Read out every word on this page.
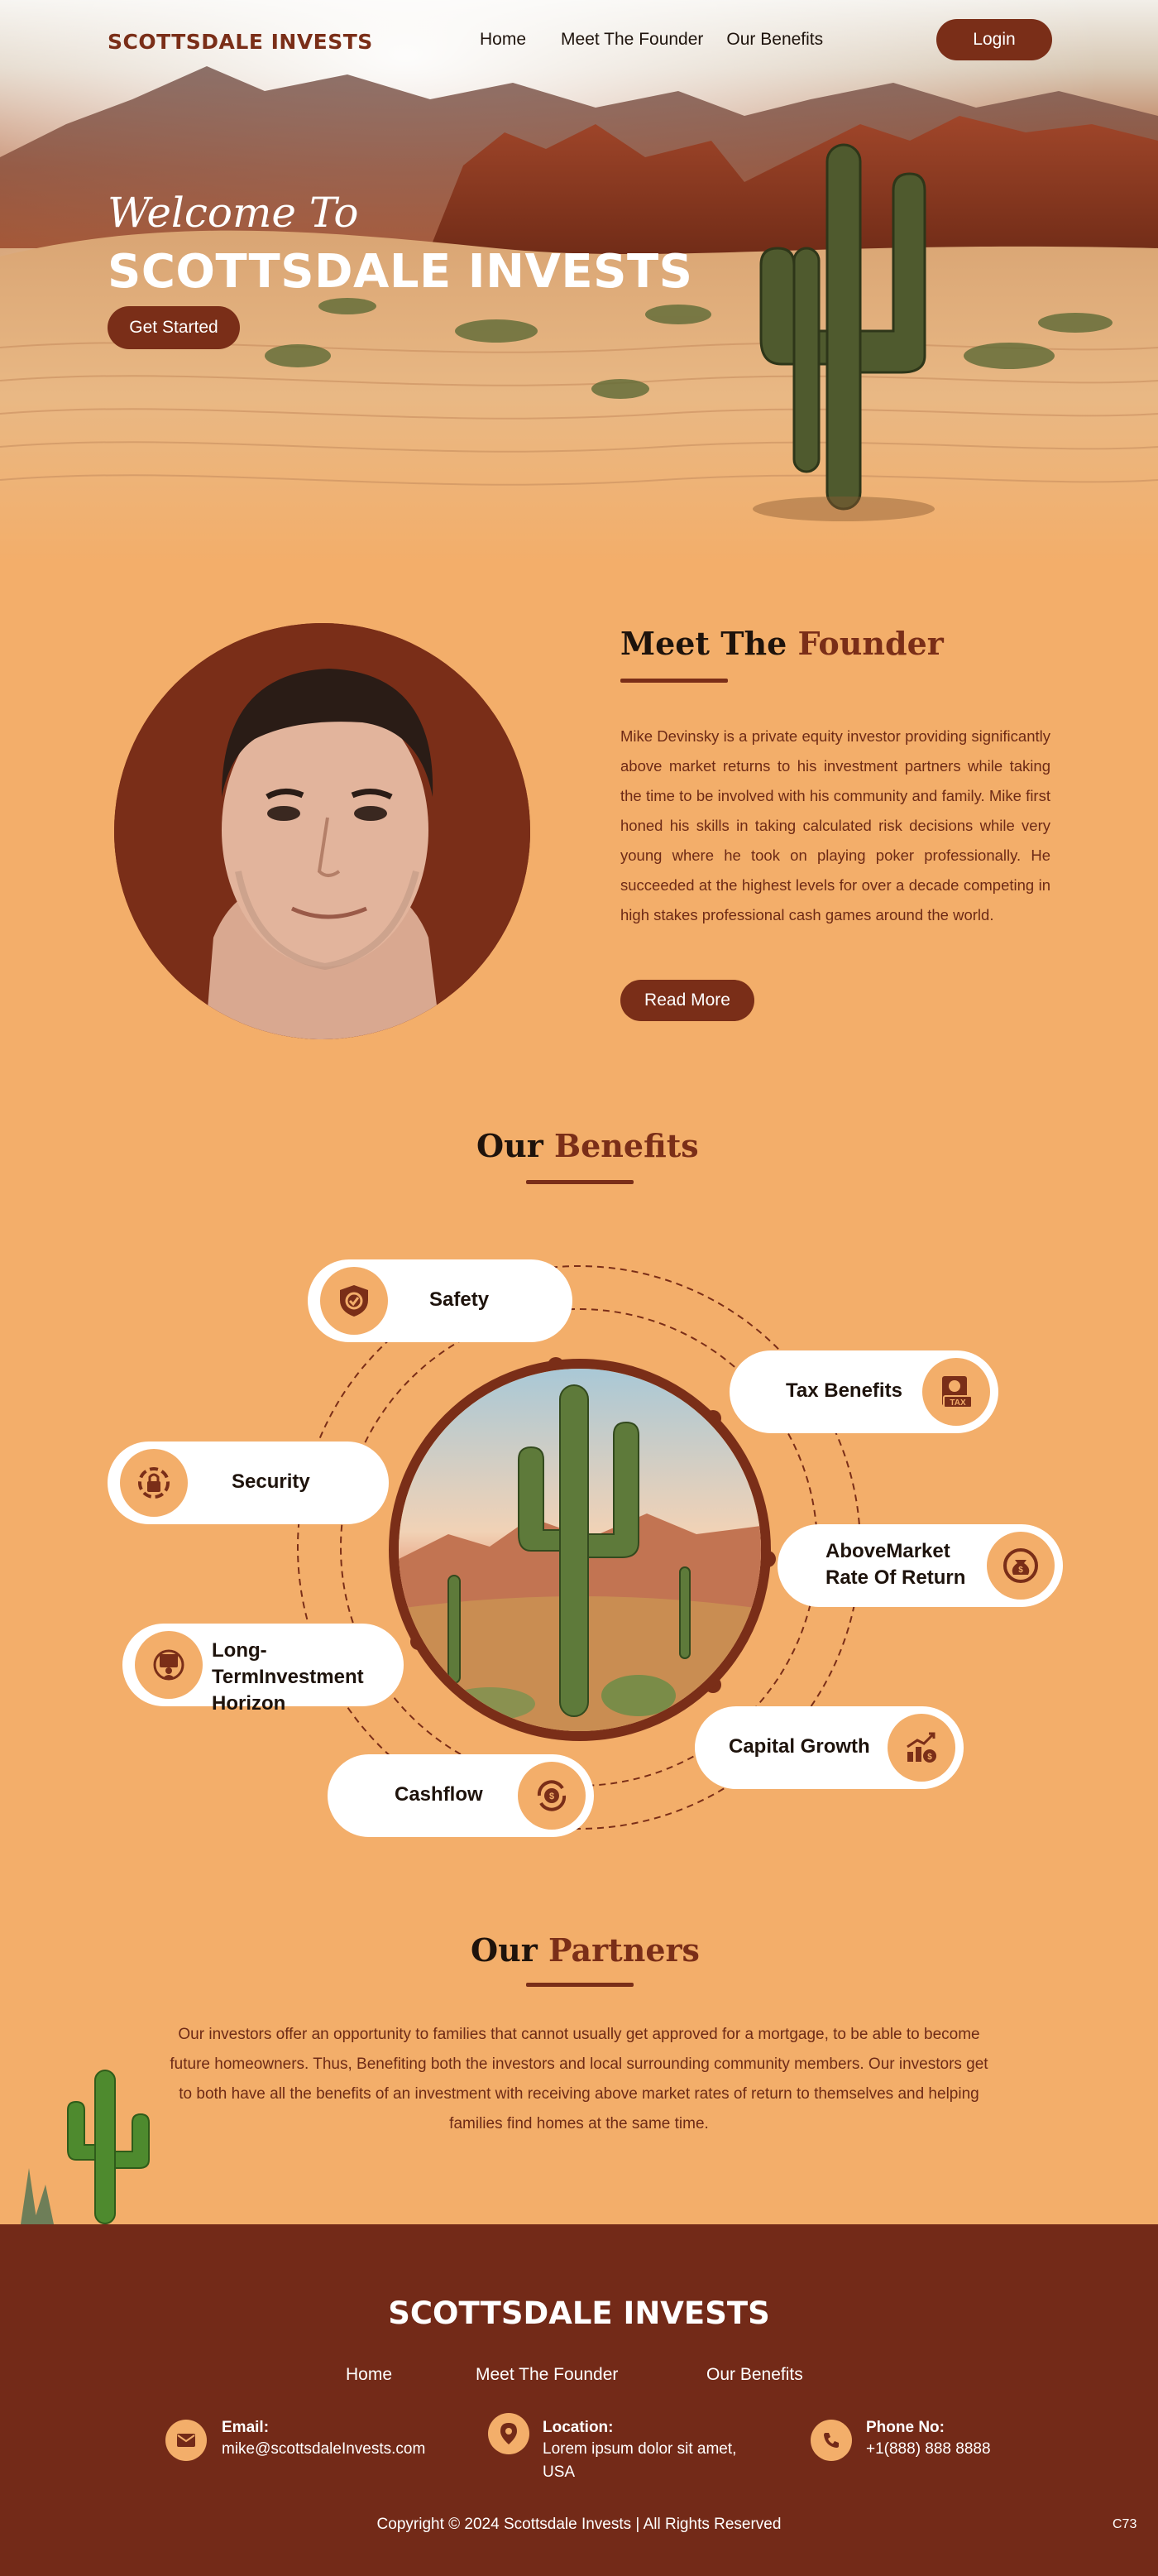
SCOTTSDALE INVESTS	Home Meet The Founder Our Benefits	Login
Welcome To
SCOTTSDALE INVESTS
Get Started
Meet The Founder

Mike Devinsky is a private equity investor providing significantly above market returns to his investment partners while taking the time to be involved with his community and family. Mike first honed his skills in taking calculated risk decisions while very young where he took on playing poker professionally. He succeeded at the highest levels for over a decade competing in high stakes professional cash games around the world.

Read More
Our Benefits
Safety
Tax Benefits
TAX
Security
AboveMarket Rate Of Return	$
Long-TermInvestment Horizon
Capital Growth	$
Cashflow	$
Our Partners

Our investors offer an opportunity to families that cannot usually get approved for a mortgage, to be able to become future homeowners. Thus, Benefiting both the investors and local surrounding community members. Our investors get to both have all the benefits of an investment with receiving above market rates of return to themselves and helping families find homes at the same time.

SCOTTSDALE INVESTS
Home	Meet The Founder	Our Benefits
Email:
mike@scottsdaleInvests.com
Location:
Lorem ipsum dolor sit amet, USA
Phone No:
+1(888) 888 8888
Copyright © 2024 Scottsdale Invests | All Rights Reserved	C73
